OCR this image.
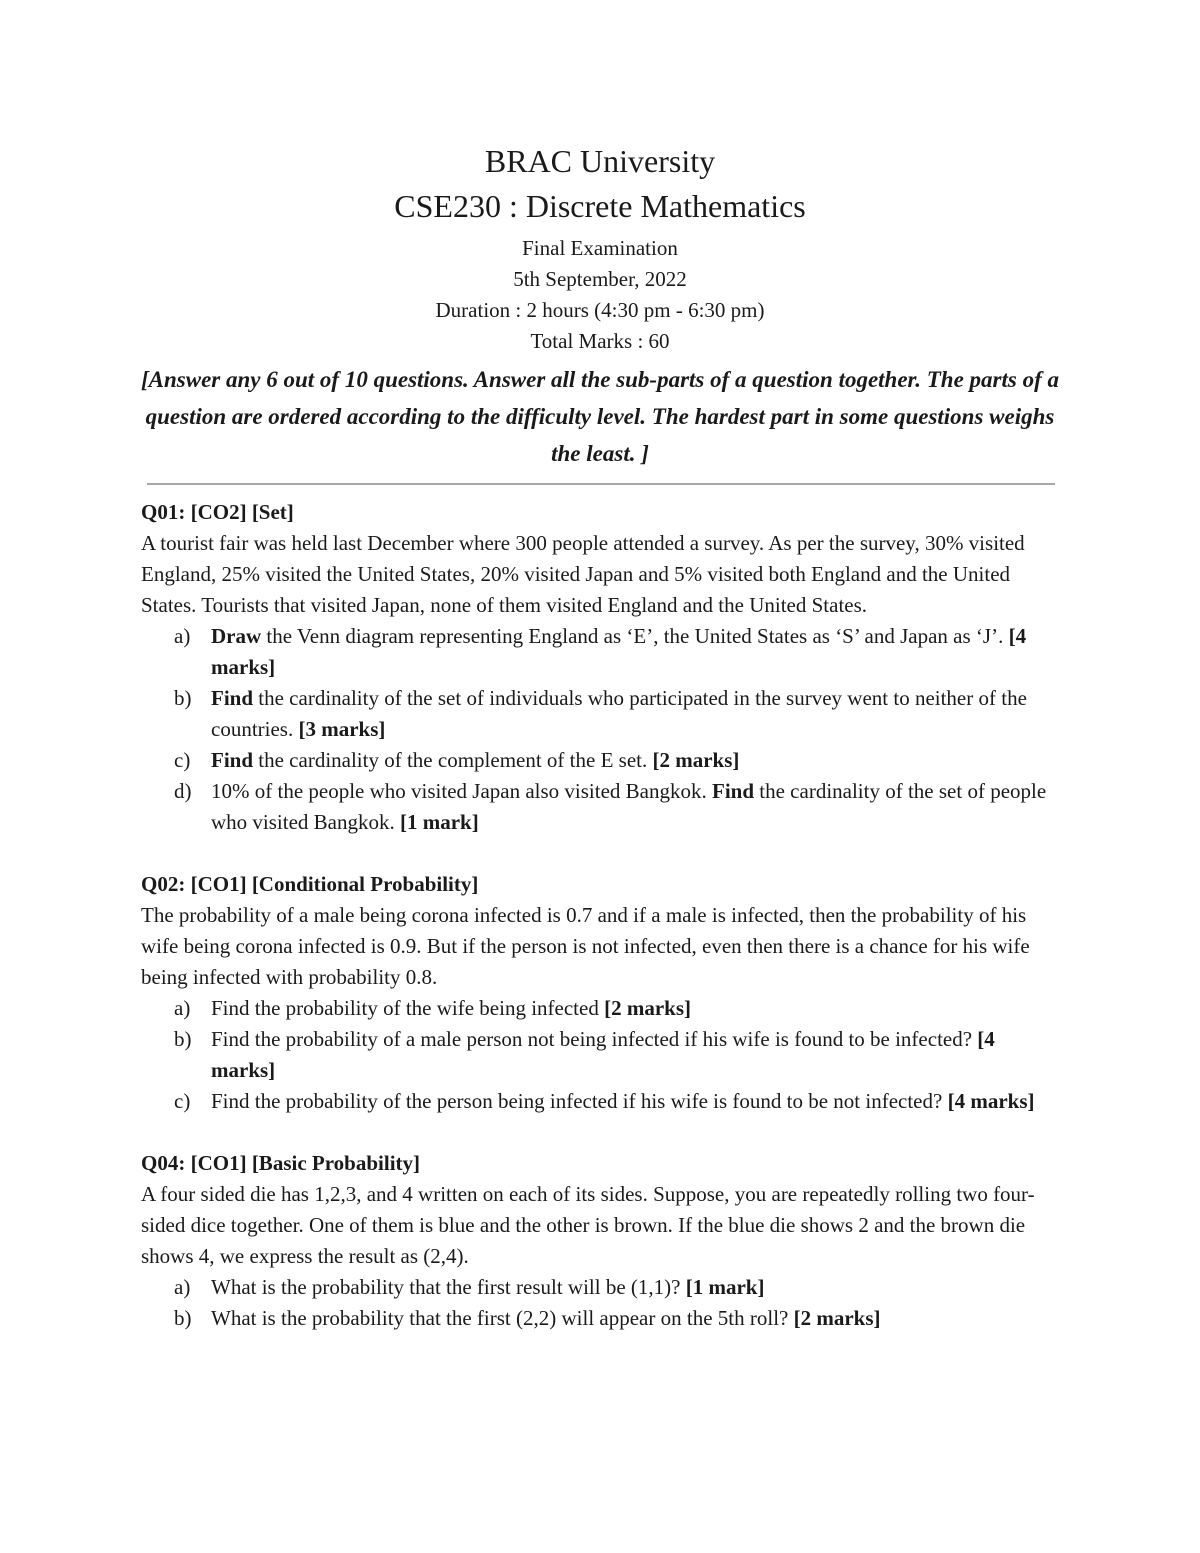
BRAC University

CSE230 : Discrete Mathematics

Final Examination

5th September, 2022

Duration : 2 hours (4:30 pm - 6:30 pm)

Total Marks : 60

[Answer any 6 out of 10 questions. Answer all the sub-parts of a question together. The parts of a question are ordered according to the difficulty level. The hardest part in some questions weighs the least. ]

Q01: [CO2] [Set]

A tourist fair was held last December where 300 people attended a survey. As per the survey, 30% visited England, 25% visited the United States, 20% visited Japan and 5% visited both England and the United States. Tourists that visited Japan, none of them visited England and the United States.

a) Draw the Venn diagram representing England as ‘E’, the United States as ‘S’ and Japan as ‘J’. [4 marks]
b) Find the cardinality of the set of individuals who participated in the survey went to neither of the countries. [3 marks]
c) Find the cardinality of the complement of the E set. [2 marks]
d) 10% of the people who visited Japan also visited Bangkok. Find the cardinality of the set of people who visited Bangkok. [1 mark]

Q02: [CO1] [Conditional Probability]

The probability of a male being corona infected is 0.7 and if a male is infected, then the probability of his wife being corona infected is 0.9. But if the person is not infected, even then there is a chance for his wife being infected with probability 0.8.

a) Find the probability of the wife being infected [2 marks]
b) Find the probability of a male person not being infected if his wife is found to be infected? [4 marks]
c) Find the probability of the person being infected if his wife is found to be not infected? [4 marks]

Q04: [CO1] [Basic Probability]

A four sided die has 1,2,3, and 4 written on each of its sides. Suppose, you are repeatedly rolling two four-sided dice together. One of them is blue and the other is brown. If the blue die shows 2 and the brown die shows 4, we express the result as (2,4).

a) What is the probability that the first result will be (1,1)? [1 mark]
b) What is the probability that the first (2,2) will appear on the 5th roll? [2 marks]
